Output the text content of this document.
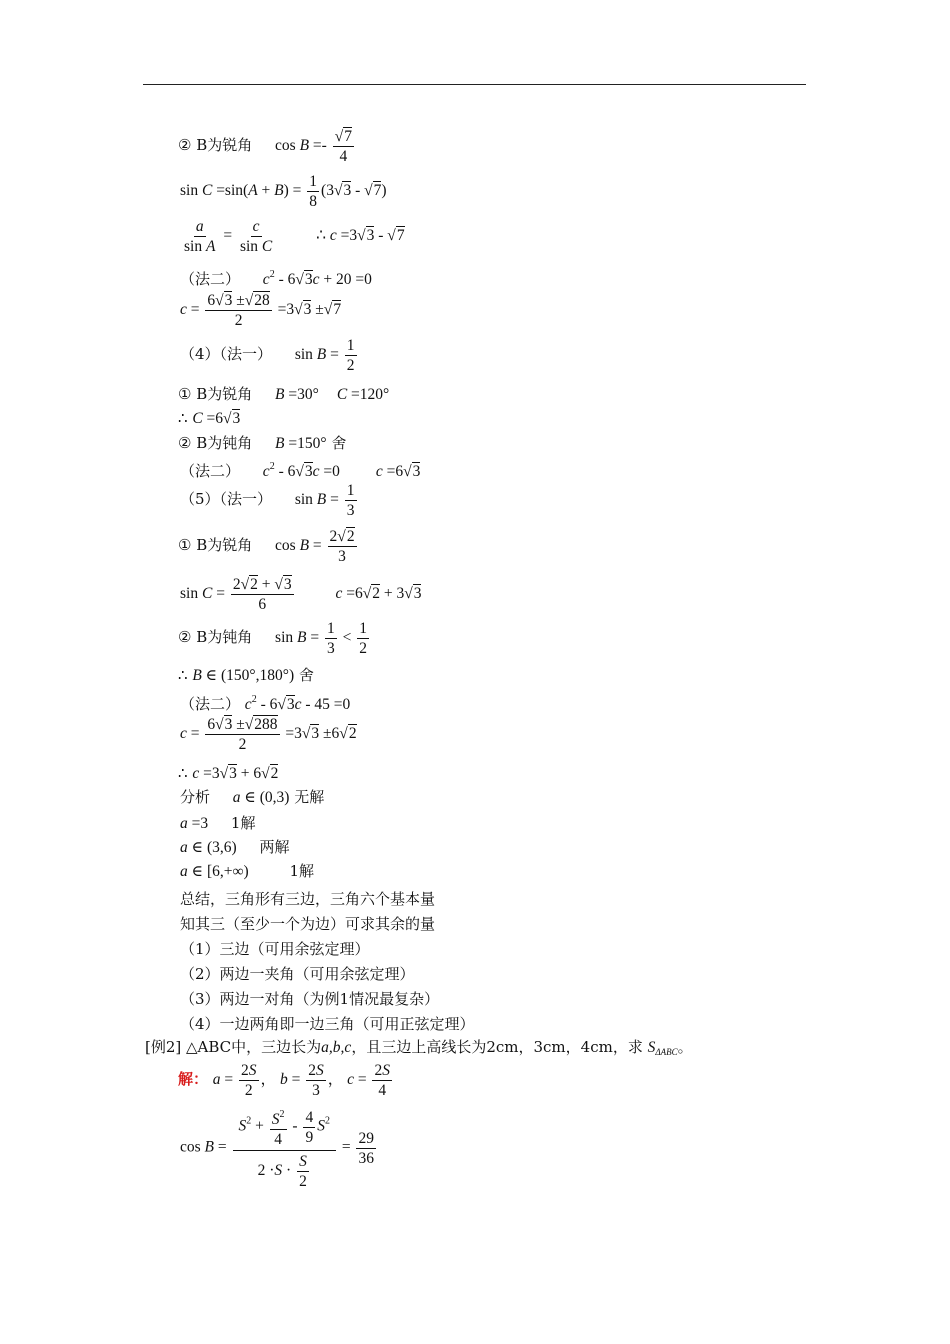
② B为锐角 $\cos B =- \frac{√7}{4}$
$\sin C =\sin(A + B) = \frac{1}{8} (3√3 - √7)$
$\frac{a}{\text{sin A}} = \frac{c}{\text{sin C}}$	∴ c =3√3 - √7
（法二） $c^2 - 6√3c + 20 =0$
$c = \frac{6√3 \pm√28}{2} =3√3 \pm√7$
（4）（法一） $\sin B = \frac{1}{2}$
① B为锐角 B =30° C =120°
∴ C =6√3
② B为钝角 B =150° 舍
（法二） $c^2 - 6√3c =0$ c =6√3
（5）（法一） $\sin B = \frac{1}{3}$
① B为锐角 $\cos B = \frac{2√2}{3}$
$\sin C = \frac{2√2 + √3}{6}$	c =6√2 + 3√3
② B为钝角 $\sin B = \frac{1}{3} < \frac{1}{2}$
∴ B ∈ (150°,180°) 舍
（法二） $c^2 - 6√3c - 45 =0$
$c = \frac{6√3 \pm√288}{2} =3√3 \pm 6√2$
∴ c =3√3 + 6√2
分析 a ∈ (0,3) 无解
a =3 1解
a ∈ (3,6) 两解
a ∈ [6,+∞)	1解
总结，三角形有三边，三角六个基本量
知其三（至少一个为边）可求其余的量
（1）三边（可用余弦定理）
（2）两边一夹角（可用余弦定理）
（3）两边一对角（为例1情况最复杂）
（4）一边两角即一边三角（可用正弦定理）
[例2] △ABC中，三边长为a,b,c，且三边上高线长为2cm，3cm，4cm，求 $S_{\Delta ABC}$。
解： $a = \frac{2S}{2}$ ， $b = \frac{2S}{3}$ ， $c = \frac{2S}{4}$
$\cos B = \frac{S^2 + \frac{S^2}{4} - \frac{4}{9} S^2}{2 \cdot S \cdot \frac{S}{2}} = \frac{29}{36}$
